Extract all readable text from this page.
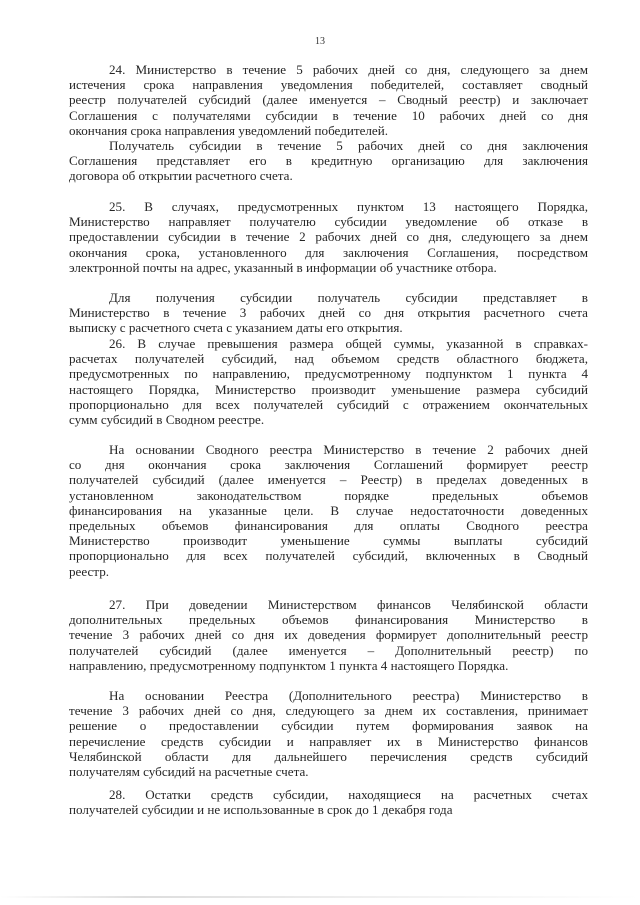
13
24. Министерство в течение 5 рабочих дней со дня, следующего за днем
истечения срока направления уведомления победителей, составляет сводный
реестр получателей субсидий (далее именуется – Сводный реестр) и заключает
Соглашения с получателями субсидии в течение 10 рабочих дней со дня
окончания срока направления уведомлений победителей.
Получатель субсидии в течение 5 рабочих дней со дня заключения
Соглашения представляет его в кредитную организацию для заключения
договора об открытии расчетного счета.
25. В случаях, предусмотренных пунктом 13 настоящего Порядка,
Министерство направляет получателю субсидии уведомление об отказе в
предоставлении субсидии в течение 2 рабочих дней со дня, следующего за днем
окончания срока, установленного для заключения Соглашения, посредством
электронной почты на адрес, указанный в информации об участнике отбора.
Для получения субсидии получатель субсидии представляет в
Министерство в течение 3 рабочих дней со дня открытия расчетного счета
выписку с расчетного счета с указанием даты его открытия.
26. В случае превышения размера общей суммы, указанной в справках-
расчетах получателей субсидий, над объемом средств областного бюджета,
предусмотренных по направлению, предусмотренному подпунктом 1 пункта 4
настоящего Порядка, Министерство производит уменьшение размера субсидий
пропорционально для всех получателей субсидий с отражением окончательных
сумм субсидий в Сводном реестре.
На основании Сводного реестра Министерство в течение 2 рабочих дней
со дня окончания срока заключения Соглашений формирует реестр
получателей субсидий (далее именуется – Реестр) в пределах доведенных в
установленном законодательством порядке предельных объемов
финансирования на указанные цели. В случае недостаточности доведенных
предельных объемов финансирования для оплаты Сводного реестра
Министерство производит уменьшение суммы выплаты субсидий
пропорционально для всех получателей субсидий, включенных в Сводный
реестр.
27. При доведении Министерством финансов Челябинской области
дополнительных предельных объемов финансирования Министерство в
течение 3 рабочих дней со дня их доведения формирует дополнительный реестр
получателей субсидий (далее именуется – Дополнительный реестр) по
направлению, предусмотренному подпунктом 1 пункта 4 настоящего Порядка.
На основании Реестра (Дополнительного реестра) Министерство в
течение 3 рабочих дней со дня, следующего за днем их составления, принимает
решение о предоставлении субсидии путем формирования заявок на
перечисление средств субсидии и направляет их в Министерство финансов
Челябинской области для дальнейшего перечисления средств субсидий
получателям субсидий на расчетные счета.
28. Остатки средств субсидии, находящиеся на расчетных счетах
получателей субсидии и не использованные в срок до 1 декабря года
